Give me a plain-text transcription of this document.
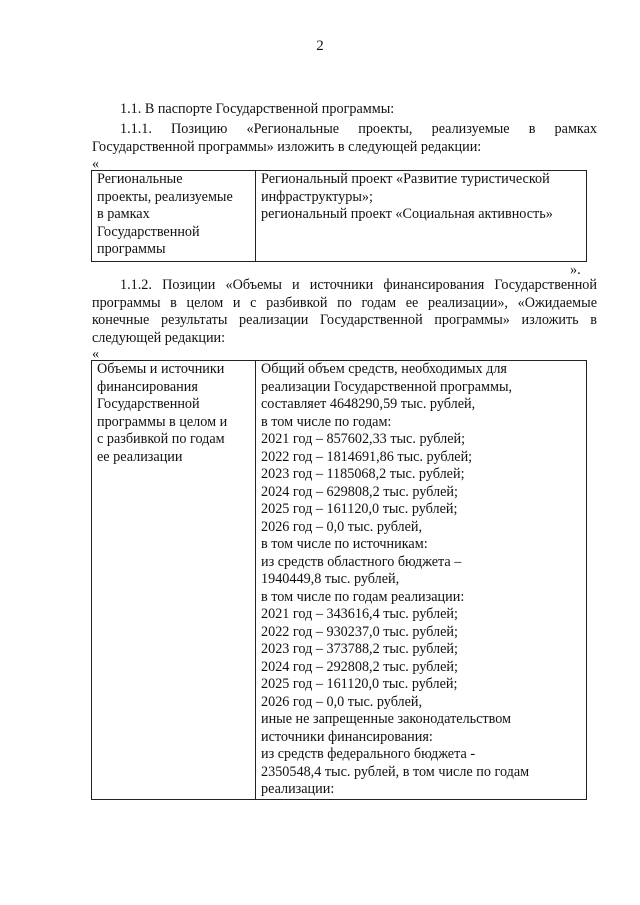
2
1.1. В паспорте Государственной программы:
1.1.1. Позицию «Региональные проекты, реализуемые в рамках
Государственной программы» изложить в следующей редакции:
«
Региональные
проекты, реализуемые
в рамках
Государственной
программы

Региональный проект «Развитие туристической
инфраструктуры»;
региональный проект «Социальная активность»
».
1.1.2. Позиции «Объемы и источники финансирования Государственной
программы в целом и с разбивкой по годам ее реализации», «Ожидаемые
конечные результаты реализации Государственной программы» изложить в
следующей редакции:
«
Объемы и источники
финансирования
Государственной
программы в целом и
с разбивкой по годам
ее реализации

Общий объем средств, необходимых для
реализации Государственной программы,
составляет 4648290,59 тыс. рублей,
в том числе по годам:
2021 год – 857602,33 тыс. рублей;
2022 год – 1814691,86 тыс. рублей;
2023 год – 1185068,2 тыс. рублей;
2024 год – 629808,2 тыс. рублей;
2025 год – 161120,0 тыс. рублей;
2026 год – 0,0 тыс. рублей,
в том числе по источникам:
из средств областного бюджета –
1940449,8 тыс. рублей,
в том числе по годам реализации:
2021 год – 343616,4 тыс. рублей;
2022 год – 930237,0 тыс. рублей;
2023 год – 373788,2 тыс. рублей;
2024 год – 292808,2 тыс. рублей;
2025 год – 161120,0 тыс. рублей;
2026 год – 0,0 тыс. рублей,
иные не запрещенные законодательством
источники финансирования:
из средств федерального бюджета -
2350548,4 тыс. рублей, в том числе по годам
реализации:
